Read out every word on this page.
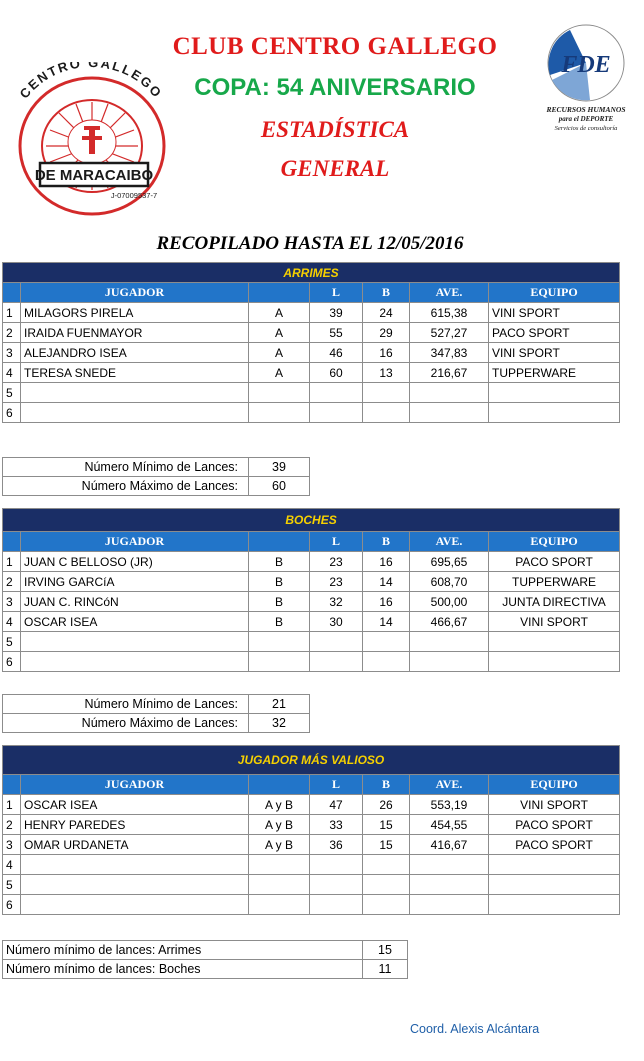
CLUB CENTRO GALLEGO
COPA: 54 ANIVERSARIO
ESTADÍSTICA
GENERAL
CENTRO GALLEGO
DE MARACAIBO
J-07009537-7
FDE
RECURSOS HUMANOS
para el DEPORTE
Servicios de consultoría
RECOPILADO HASTA EL 12/05/2016
ARRIMES						
	JUGADOR		L	B	AVE.	EQUIPO
1	MILAGORS PIRELA	A	39	24	615,38	VINI SPORT
2	IRAIDA FUENMAYOR	A	55	29	527,27	PACO SPORT
3	ALEJANDRO ISEA	A	46	16	347,83	VINI SPORT
4	TERESA SNEDE	A	60	13	216,67	TUPPERWARE
5						
6						
Número Mínimo de Lances:	39
Número Máximo de Lances:	60
BOCHES						
	JUGADOR		L	B	AVE.	EQUIPO
1	JUAN C BELLOSO (JR)	B	23	16	695,65	PACO SPORT
2	IRVING GARCíA	B	23	14	608,70	TUPPERWARE
3	JUAN C. RINCóN	B	32	16	500,00	JUNTA DIRECTIVA
4	OSCAR ISEA	B	30	14	466,67	VINI SPORT
5						
6						
Número Mínimo de Lances:	21
Número Máximo de Lances:	32
JUGADOR MÁS VALIOSO						
	JUGADOR		L	B	AVE.	EQUIPO
1	OSCAR ISEA	A y B	47	26	553,19	VINI SPORT
2	HENRY PAREDES	A y B	33	15	454,55	PACO SPORT
3	OMAR URDANETA	A y B	36	15	416,67	PACO SPORT
4						
5						
6						
Número mínimo de lances: Arrimes	15
Número mínimo de lances: Boches	11
Coord. Alexis Alcántara
